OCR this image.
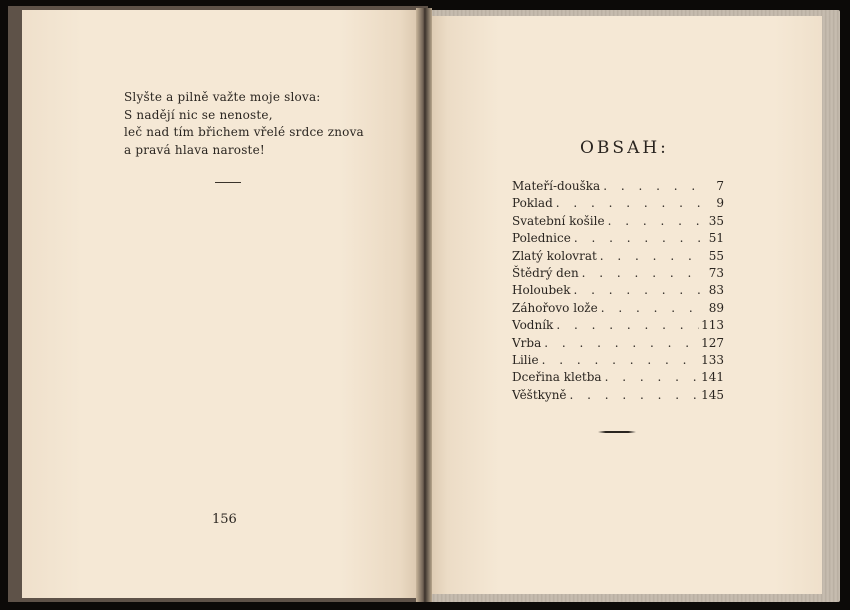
Slyšte a pilně važte moje slova:
S nadějí nic se nenoste,
leč nad tím břichem vřelé srdce znova
a pravá hlava naroste!
156
OBSAH:
Mateří-douška . . .	7
Poklad . . .	9
Svatební košile . . .	35
Polednice . . .	51
Zlatý kolovrat . . .	55
Štědrý den . . .	73
Holoubek . . .	83
Záhořovo lože . . .	89
Vodník . . .	113
Vrba . . .	127
Lilie . . .	133
Dceřina kletba . . .	141
Věštkyně . . .	145
